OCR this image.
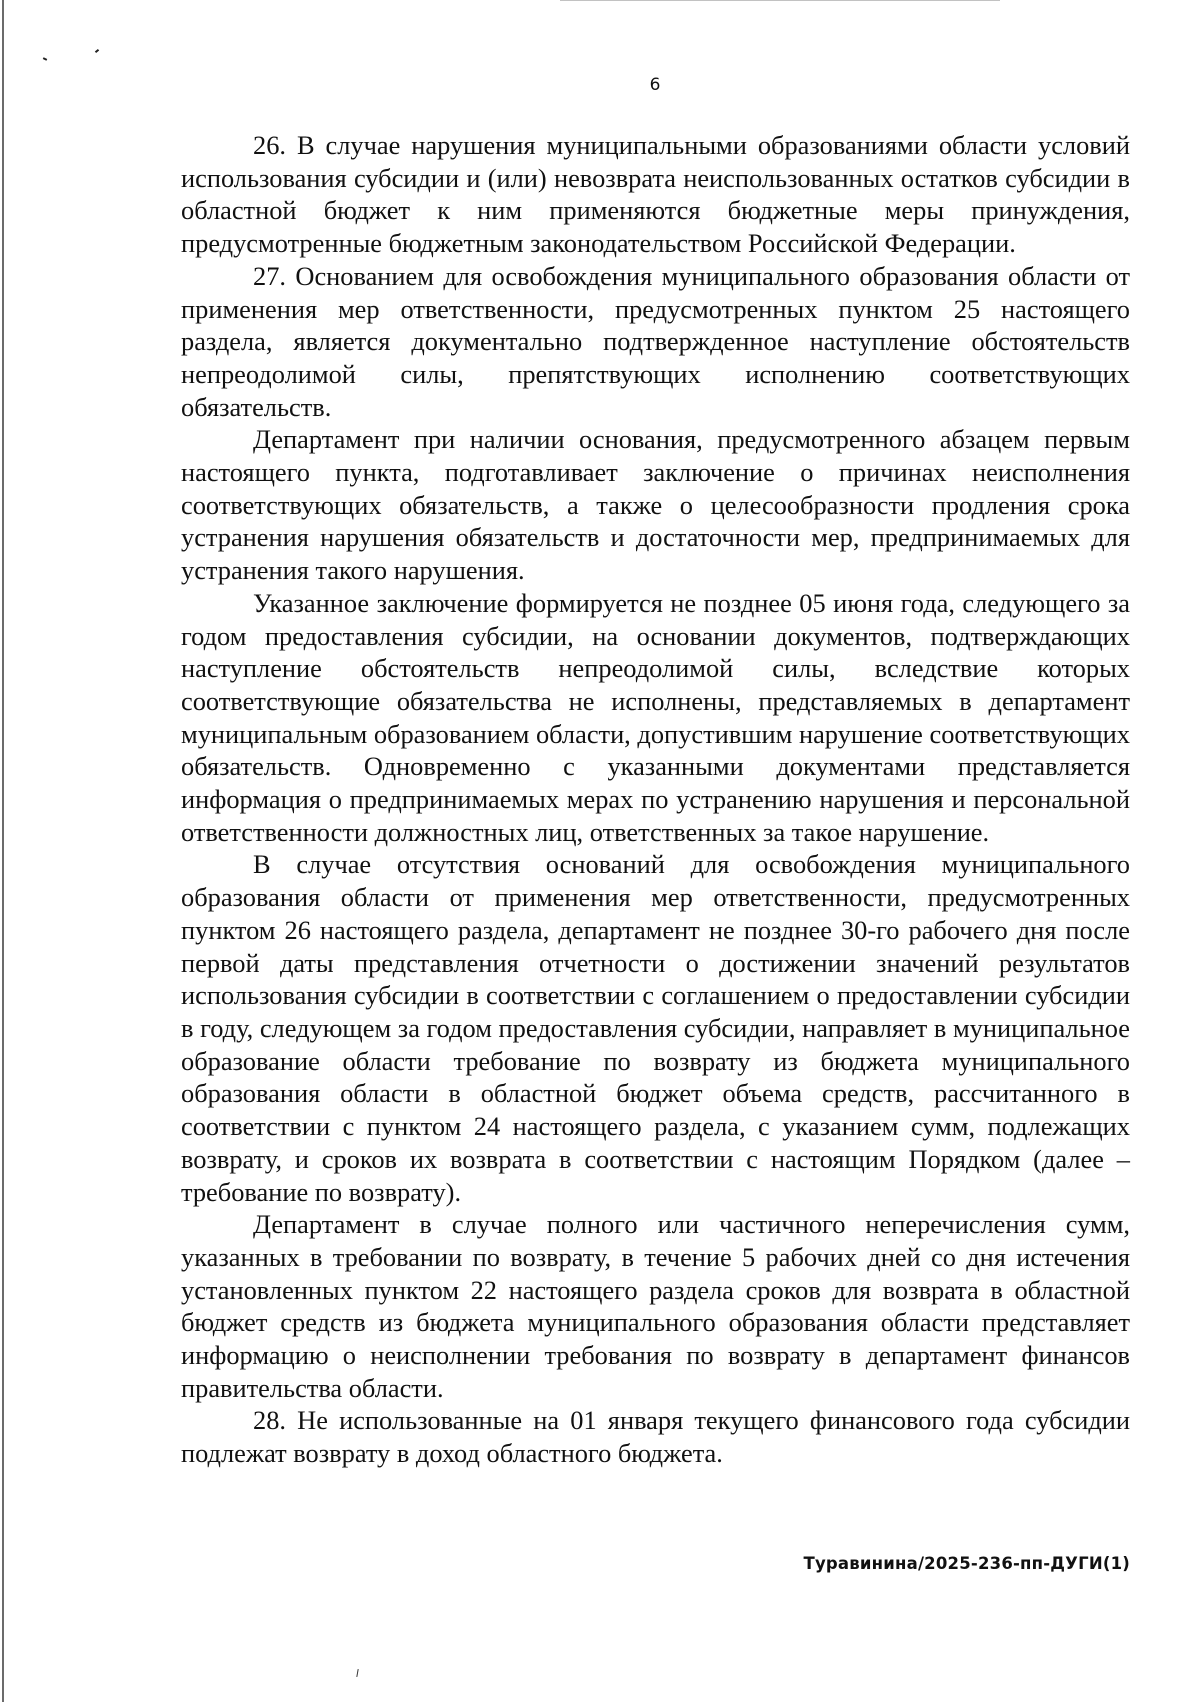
6

26. В случае нарушения муниципальными образованиями области условий использования субсидии и (или) невозврата неиспользованных остатков субсидии в областной бюджет к ним применяются бюджетные меры принуждения, предусмотренные бюджетным законодательством Российской Федерации.

27. Основанием для освобождения муниципального образования области от применения мер ответственности, предусмотренных пунктом 25 настоящего раздела, является документально подтвержденное наступление обстоятельств непреодолимой силы, препятствующих исполнению соответствующих обязательств.

Департамент при наличии основания, предусмотренного абзацем первым настоящего пункта, подготавливает заключение о причинах неисполнения соответствующих обязательств, а также о целесообразности продления срока устранения нарушения обязательств и достаточности мер, предпринимаемых для устранения такого нарушения.

Указанное заключение формируется не позднее 05 июня года, следующего за годом предоставления субсидии, на основании документов, подтверждающих наступление обстоятельств непреодолимой силы, вследствие которых соответствующие обязательства не исполнены, представляемых в департамент муниципальным образованием области, допустившим нарушение соответствующих обязательств. Одновременно с указанными документами представляется информация о предпринимаемых мерах по устранению нарушения и персональной ответственности должностных лиц, ответственных за такое нарушение.

В случае отсутствия оснований для освобождения муниципального образования области от применения мер ответственности, предусмотренных пунктом 26 настоящего раздела, департамент не позднее 30-го рабочего дня после первой даты представления отчетности о достижении значений результатов использования субсидии в соответствии с соглашением о предоставлении субсидии в году, следующем за годом предоставления субсидии, направляет в муниципальное образование области требование по возврату из бюджета муниципального образования области в областной бюджет объема средств, рассчитанного в соответствии с пунктом 24 настоящего раздела, с указанием сумм, подлежащих возврату, и сроков их возврата в соответствии с настоящим Порядком (далее – требование по возврату).

Департамент в случае полного или частичного неперечисления сумм, указанных в требовании по возврату, в течение 5 рабочих дней со дня истечения установленных пунктом 22 настоящего раздела сроков для возврата в областной бюджет средств из бюджета муниципального образования области представляет информацию о неисполнении требования по возврату в департамент финансов правительства области.

28. Не использованные на 01 января текущего финансового года субсидии подлежат возврату в доход областного бюджета.

Туравинина/2025-236-пп-ДУГИ(1)
